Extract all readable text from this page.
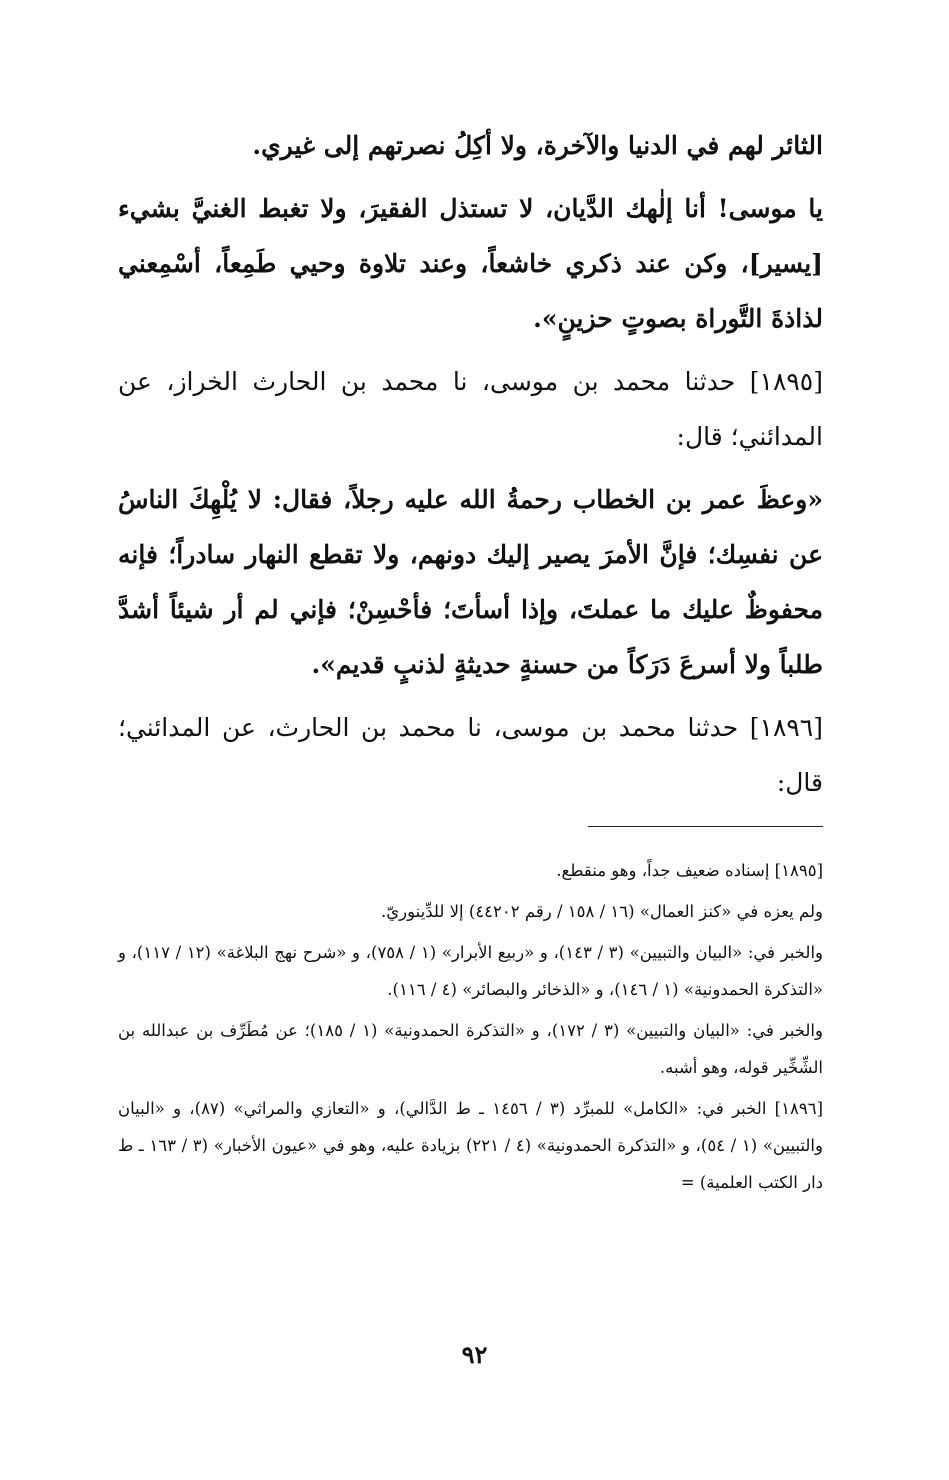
الثائر لهم في الدنيا والآخرة، ولا أكِلُ نصرتهم إلى غيري.

يا موسى! أنا إلٰهك الدَّيان، لا تستذل الفقيرَ، ولا تغبط الغنيَّ بشيء [يسير]، وكن عند ذكري خاشعاً، وعند تلاوة وحيي طَمِعاً، أسْمِعني لذاذةَ التَّوراة بصوتٍ حزينٍ».

[١٨٩٥] حدثنا محمد بن موسى، نا محمد بن الحارث الخراز، عن المدائني؛ قال:

«وعظَ عمر بن الخطاب رحمةُ الله عليه رجلاً، فقال: لا يُلْهِكَ الناسُ عن نفسِك؛ فإنَّ الأمرَ يصير إليك دونهم، ولا تقطع النهار سادراً؛ فإنه محفوظٌ عليك ما عملتَ، وإذا أسأتَ؛ فأحْسِنْ؛ فإني لم أر شيئاً أشدَّ طلباً ولا أسرعَ دَرَكاً من حسنةٍ حديثةٍ لذنبٍ قديم».

[١٨٩٦] حدثنا محمد بن موسى، نا محمد بن الحارث، عن المدائني؛ قال:

[١٨٩٥] إسناده ضعيف جداً، وهو منقطع.

ولم يعزه في «كنز العمال» (١٦ / ١٥٨ / رقم ٤٤٢٠٢) إلا للدِّينوريّ.

والخبر في: «البيان والتبيين» (٣ / ١٤٣)، و «ربيع الأبرار» (١ / ٧٥٨)، و «شرح نهج البلاغة» (١٢ / ١١٧)، و «التذكرة الحمدونية» (١ / ١٤٦)، و «الذخائر والبصائر» (٤ / ١١٦).

والخبر في: «البيان والتبيين» (٣ / ١٧٢)، و «التذكرة الحمدونية» (١ / ١٨٥)؛ عن مُطَرِّف بن عبدالله بن الشِّخِّير قوله، وهو أشبه.

[١٨٩٦] الخبر في: «الكامل» للمبرِّد (٣ / ١٤٥٦ ـ ط الدَّالي)، و «التعازي والمراثي» (٨٧)، و «البيان والتبيين» (١ / ٥٤)، و «التذكرة الحمدونية» (٤ / ٢٢١) بزيادة عليه، وهو في «عيون الأخبار» (٣ / ١٦٣ ـ ط دار الكتب العلمية) =

٩٢
